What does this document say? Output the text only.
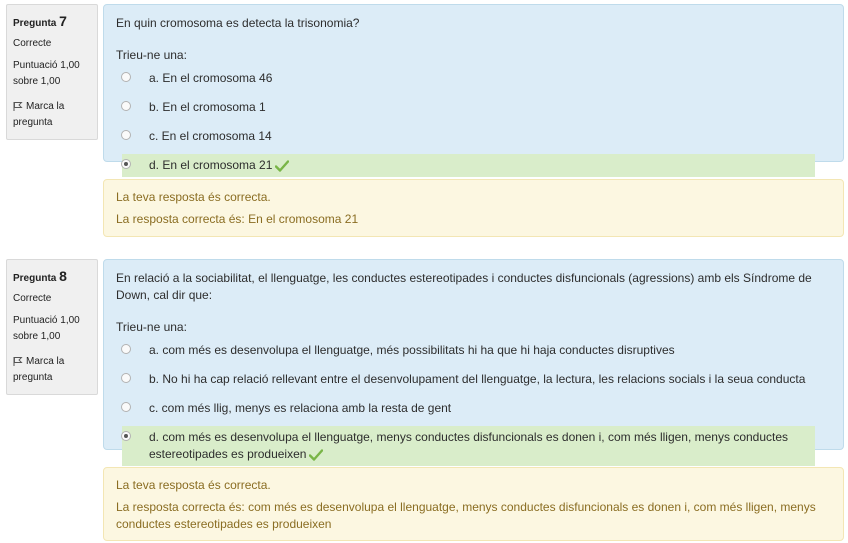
Pregunta 7
Correcte
Puntuació 1,00
sobre 1,00
Marca la
pregunta
En quin cromosoma es detecta la trisonomia?
Trieu-ne una:
a. En el cromosoma 46
b. En el cromosoma 1
c. En el cromosoma 14
d. En el cromosoma 21
La teva resposta és correcta.
La resposta correcta és: En el cromosoma 21
Pregunta 8
Correcte
Puntuació 1,00
sobre 1,00
Marca la
pregunta
En relació a la sociabilitat, el llenguatge, les conductes estereotipades i conductes disfuncionals (agressions) amb els Síndrome de Down, cal dir que:
Trieu-ne una:
a. com més es desenvolupa el llenguatge, més possibilitats hi ha que hi haja conductes disruptives
b. No hi ha cap relació rellevant entre el desenvolupament del llenguatge, la lectura, les relacions socials i la seua conducta
c. com més llig, menys es relaciona amb la resta de gent
d. com més es desenvolupa el llenguatge, menys conductes disfuncionals es donen i, com més lligen, menys conductes estereotipades es produeixen
La teva resposta és correcta.
La resposta correcta és: com més es desenvolupa el llenguatge, menys conductes disfuncionals es donen i, com més lligen, menys conductes estereotipades es produeixen
